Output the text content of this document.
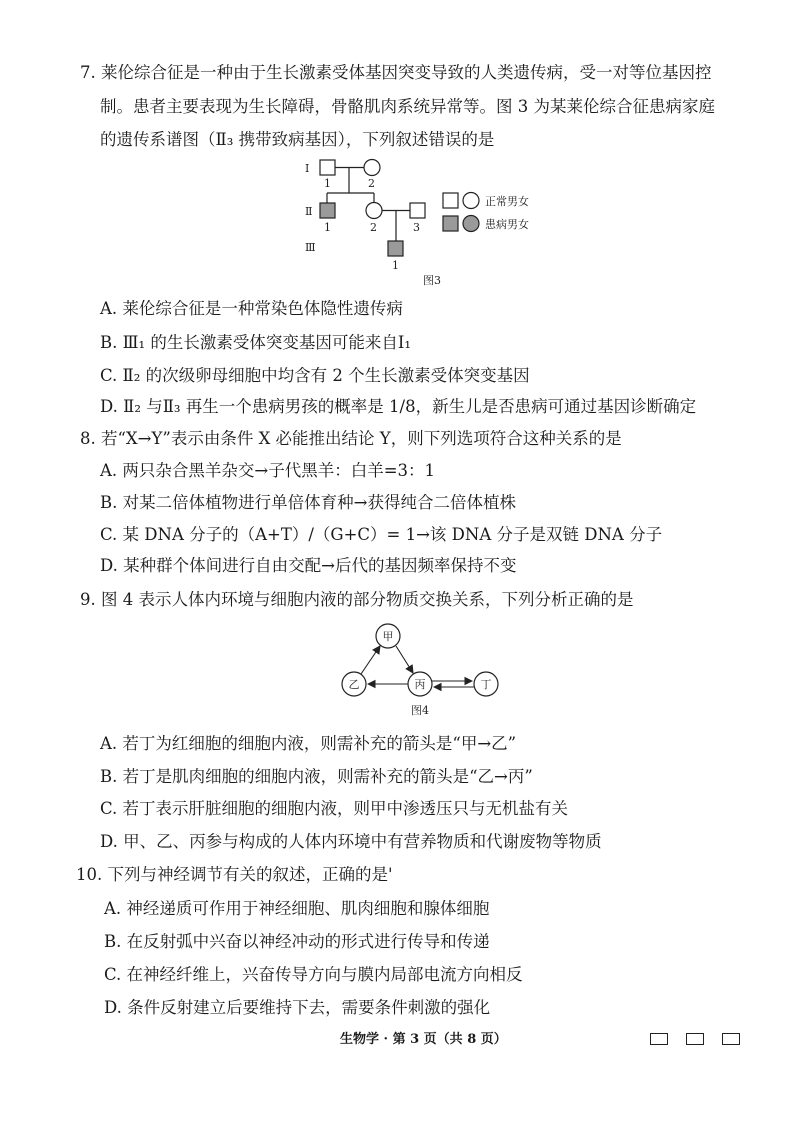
7. 莱伦综合征是一种由于生长激素受体基因突变导致的人类遗传病，受一对等位基因控
制。患者主要表现为生长障碍，骨骼肌肉系统异常等。图 3 为某莱伦综合征患病家庭
的遗传系谱图（Ⅱ₃ 携带致病基因），下列叙述错误的是
Ⅰ
1	2
Ⅱ
1	2	3
Ⅲ
1
正常男女
患病男女
图3
A. 莱伦综合征是一种常染色体隐性遗传病
B. Ⅲ₁ 的生长激素受体突变基因可能来自Ⅰ₁
C. Ⅱ₂ 的次级卵母细胞中均含有 2 个生长激素受体突变基因
D. Ⅱ₂ 与Ⅱ₃ 再生一个患病男孩的概率是 1/8，新生儿是否患病可通过基因诊断确定
8. 若“X→Y”表示由条件 X 必能推出结论 Y，则下列选项符合这种关系的是
A. 两只杂合黑羊杂交→子代黑羊：白羊=3：1
B. 对某二倍体植物进行单倍体育种→获得纯合二倍体植株
C. 某 DNA 分子的（A+T）/（G+C）= 1→该 DNA 分子是双链 DNA 分子
D. 某种群个体间进行自由交配→后代的基因频率保持不变
9. 图 4 表示人体内环境与细胞内液的部分物质交换关系，下列分析正确的是
甲
乙	丙	丁
图4
A. 若丁为红细胞的细胞内液，则需补充的箭头是“甲→乙”
B. 若丁是肌肉细胞的细胞内液，则需补充的箭头是“乙→丙”
C. 若丁表示肝脏细胞的细胞内液，则甲中渗透压只与无机盐有关
D. 甲、乙、丙参与构成的人体内环境中有营养物质和代谢废物等物质
10. 下列与神经调节有关的叙述，正确的是'
A. 神经递质可作用于神经细胞、肌肉细胞和腺体细胞
B. 在反射弧中兴奋以神经冲动的形式进行传导和传递
C. 在神经纤维上，兴奋传导方向与膜内局部电流方向相反
D. 条件反射建立后要维持下去，需要条件刺激的强化
生物学 · 第 3 页（共 8 页）
